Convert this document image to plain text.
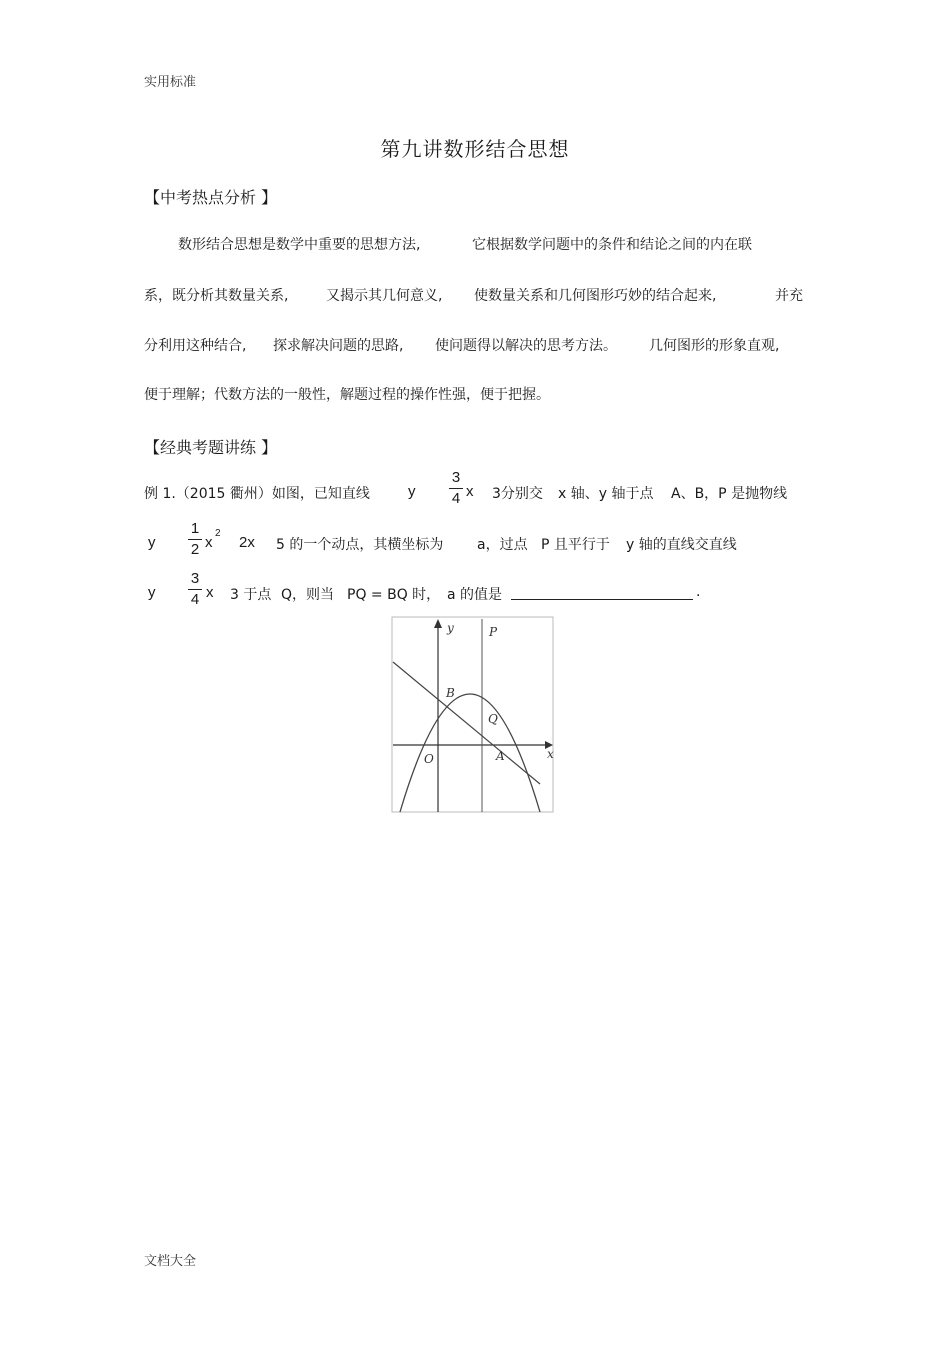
实用标准
文档大全
第九讲数形结合思想
【中考热点分析 】
数形结合思想是数学中重要的思想方法,	它根据数学问题中的条件和结论之间的内在联
系，既分析其数量关系,	又揭示其几何意义, 使数量关系和几何图形巧妙的结合起来,	并充
分利用这种结合, 探求解决问题的思路, 使问题得以解决的思考方法。 几何图形的形象直观,
便于理解；代数方法的一般性，解题过程的操作性强，便于把握。
【经典考题讲练 】
例 1.（2015 衢州）如图，已知直线	y
3
4 x 3分别交 x 轴、y 轴于点 A、B，P 是抛物线
y
1
2 x
2
2x 5 的一个动点，其横坐标为 a，过点 P 且平行于 y 轴的直线交直线
y
3
4 x 3 于点 Q，则当 PQ = BQ 时， a 的值是	.
y
x
O
P
B
Q
A
